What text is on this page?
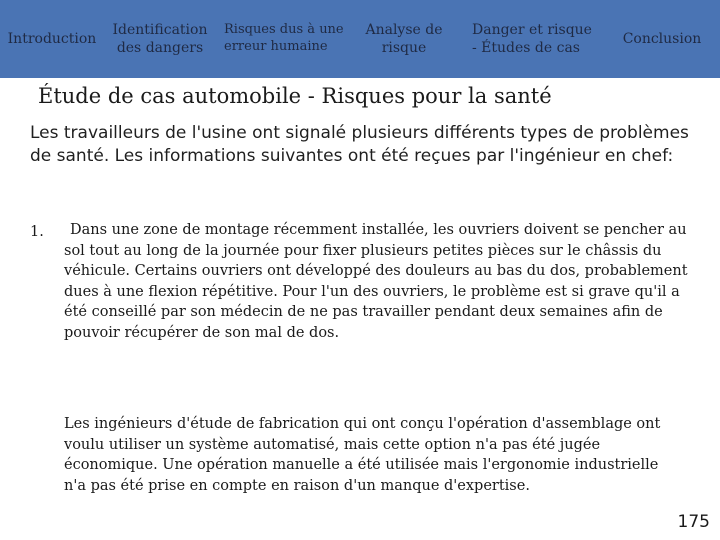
Introduction
Identification
des dangers
Risques dus à une
erreur humaine
Analyse de
risque
Danger et risque
- Études de cas
Conclusion
Étude de cas automobile - Risques pour la santé
Les travailleurs de l'usine ont signalé plusieurs différents types de problèmes de santé. Les informations suivantes ont été reçues par l'ingénieur en chef:
1.	Dans une zone de montage récemment installée, les ouvriers doivent se pencher au sol tout au long de la journée pour fixer plusieurs petites pièces sur le châssis du véhicule. Certains ouvriers ont développé des douleurs au bas du dos, probablement dues à une flexion répétitive. Pour l'un des ouvriers, le problème est si grave qu'il a été conseillé par son médecin de ne pas travailler pendant deux semaines afin de pouvoir récupérer de son mal de dos.
Les ingénieurs d'étude de fabrication qui ont conçu l'opération d'assemblage ont voulu utiliser un système automatisé, mais cette option n'a pas été jugée économique. Une opération manuelle a été utilisée mais l'ergonomie industrielle n'a pas été prise en compte en raison d'un manque d'expertise.
175
